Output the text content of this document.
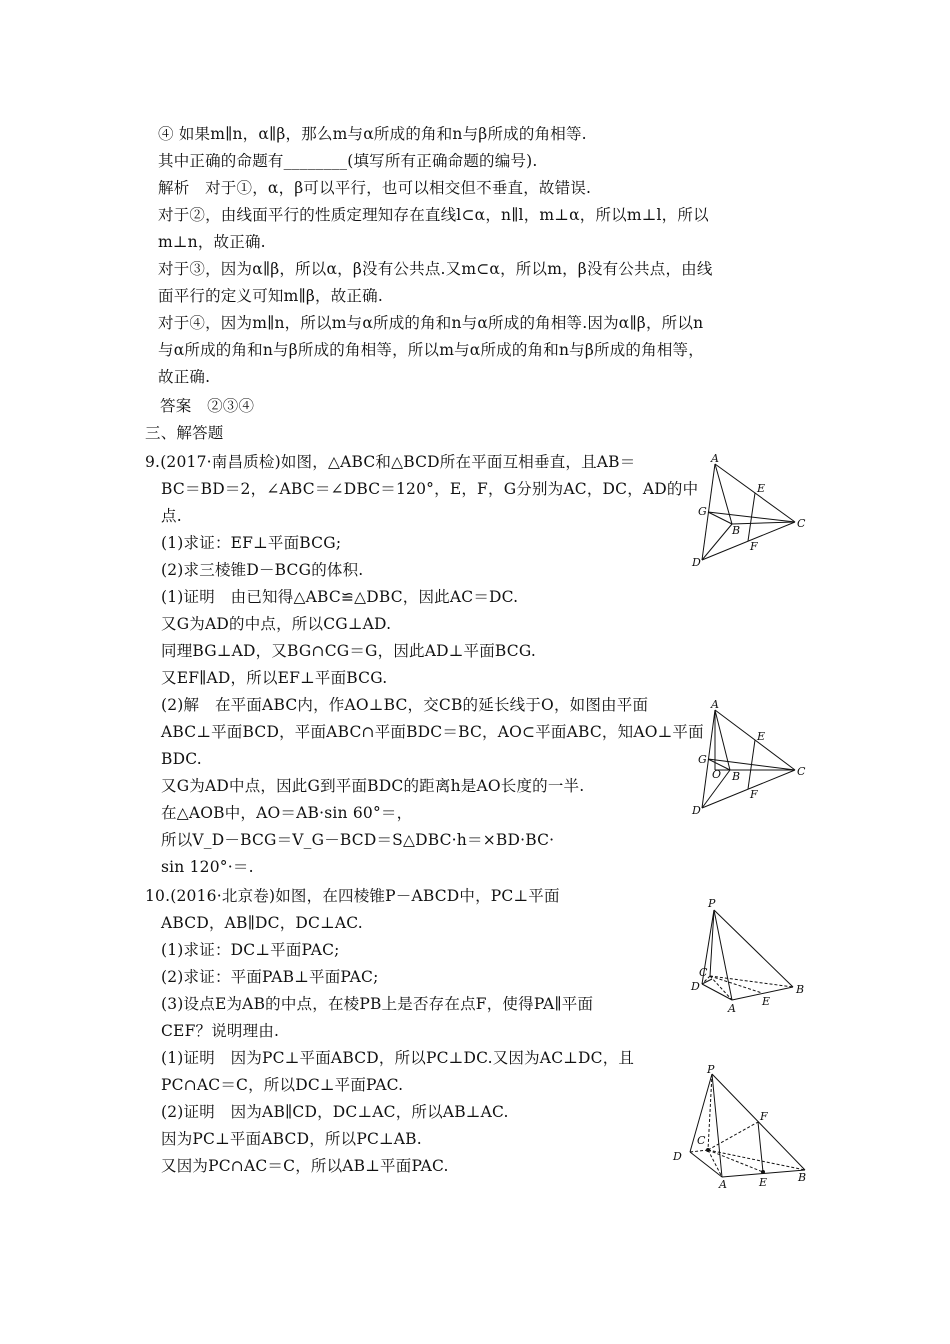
④ 如果m∥n，α∥β，那么m与α所成的角和n与β所成的角相等.
其中正确的命题有________(填写所有正确命题的编号).
解析　对于①，α，β可以平行，也可以相交但不垂直，故错误.
对于②，由线面平行的性质定理知存在直线l⊂α，n∥l，m⊥α，所以m⊥l，所以
m⊥n，故正确.
对于③，因为α∥β，所以α，β没有公共点.又m⊂α，所以m，β没有公共点，由线
面平行的定义可知m∥β，故正确.
对于④，因为m∥n，所以m与α所成的角和n与α所成的角相等.因为α∥β，所以n
与α所成的角和n与β所成的角相等，所以m与α所成的角和n与β所成的角相等，
故正确.
答案　②③④
三、解答题
9.(2017·南昌质检)如图，△ABC和△BCD所在平面互相垂直，且AB＝
BC＝BD＝2，∠ABC＝∠DBC＝120°，E，F，G分别为AC，DC，AD的中
点.
(1)求证：EF⊥平面BCG;
(2)求三棱锥D－BCG的体积.
(1)证明　由已知得△ABC≌△DBC，因此AC＝DC.
又G为AD的中点，所以CG⊥AD.
同理BG⊥AD，又BG∩CG＝G，因此AD⊥平面BCG.
又EF∥AD，所以EF⊥平面BCG.
(2)解　在平面ABC内，作AO⊥BC，交CB的延长线于O，如图由平面
ABC⊥平面BCD，平面ABC∩平面BDC＝BC，AO⊂平面ABC，知AO⊥平面
BDC.
又G为AD中点，因此G到平面BDC的距离h是AO长度的一半.
在△AOB中，AO＝AB·sin 60°＝，
所以V_D－BCG＝V_G－BCD＝S△DBC·h＝×BD·BC·
sin 120°·＝.
10.(2016·北京卷)如图，在四棱锥P－ABCD中，PC⊥平面
ABCD，AB∥DC，DC⊥AC.
(1)求证：DC⊥平面PAC;
(2)求证：平面PAB⊥平面PAC;
(3)设点E为AB的中点，在棱PB上是否存在点F，使得PA∥平面
CEF？说明理由.
(1)证明　因为PC⊥平面ABCD，所以PC⊥DC.又因为AC⊥DC，且
PC∩AC＝C，所以DC⊥平面PAC.
(2)证明　因为AB∥CD，DC⊥AC，所以AB⊥AC.
因为PC⊥平面ABCD，所以PC⊥AB.
又因为PC∩AC＝C，所以AB⊥平面PAC.
A
E
G
B
C
D
F
A
E
G
O B	C
D
F
P
C
D
E
B
A
P
F
C
D
A	E	B
